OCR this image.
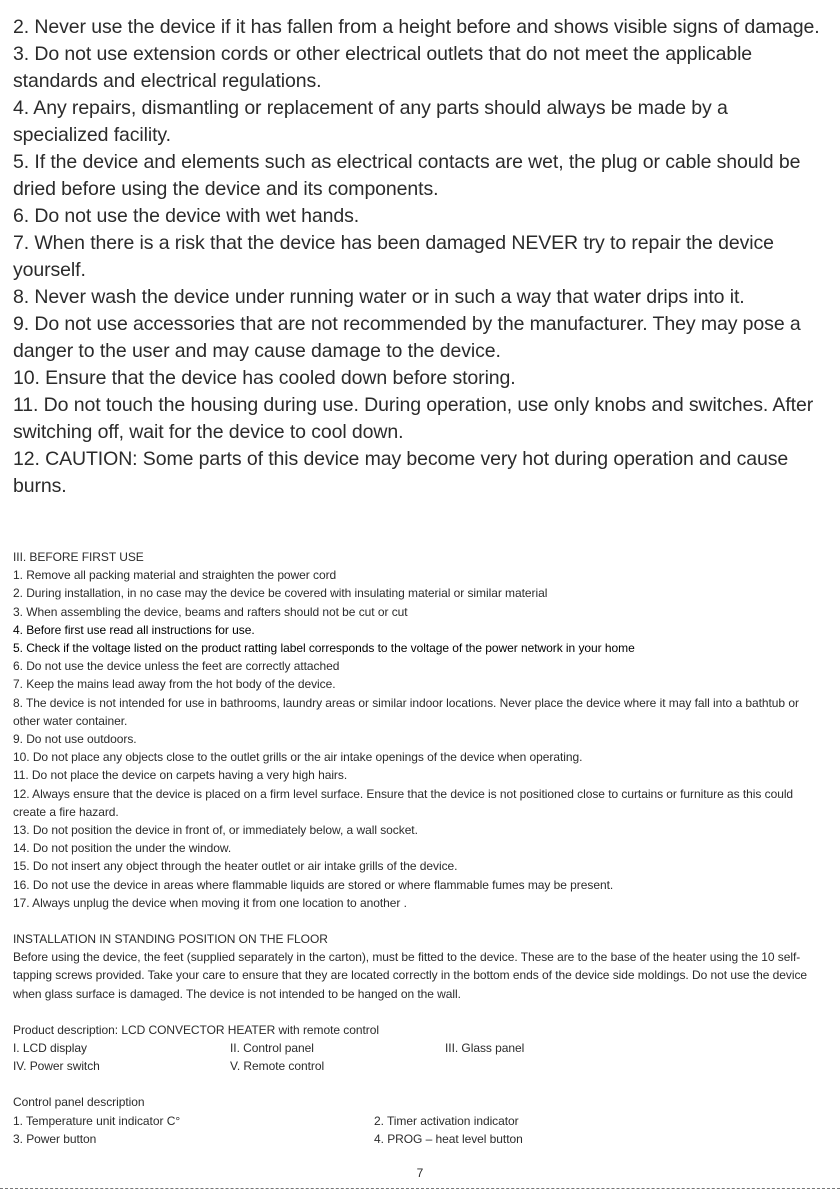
2. Never use the device if it has fallen from a height before and shows visible signs of damage.

3. Do not use extension cords or other electrical outlets that do not meet the applicable standards and electrical regulations.

4. Any repairs, dismantling or replacement of any parts should always be made by a specialized facility.

5. If the device and elements such as electrical contacts are wet, the plug or cable should be dried before using the device and its components.

6. Do not use the device with wet hands.

7. When there is a risk that the device has been damaged NEVER try to repair the device yourself.

8. Never wash the device under running water or in such a way that water drips into it.

9. Do not use accessories that are not recommended by the manufacturer. They may pose a danger to the user and may cause damage to the device.

10. Ensure that the device has cooled down before storing.

11. Do not touch the housing during use. During operation, use only knobs and switches. After switching off, wait for the device to cool down.

12. CAUTION: Some parts of this device may become very hot during operation and cause burns.

III. BEFORE FIRST USE

1. Remove all packing material and straighten the power cord

2. During installation, in no case may the device be covered with insulating material or similar material

3. When assembling the device, beams and rafters should not be cut or cut

4. Before first use read all instructions for use.

5. Check if the voltage listed on the product ratting label corresponds to the voltage of the power network in your home

6. Do not use the device unless the feet are correctly attached

7. Keep the mains lead away from the hot body of the device.

8. The device is not intended for use in bathrooms, laundry areas or similar indoor locations. Never place the device where it may fall into a bathtub or other water container.

9. Do not use outdoors.

10. Do not place any objects close to the outlet grills or the air intake openings of the device when operating.

11. Do not place the device on carpets having a very high hairs.

12. Always ensure that the device is placed on a firm level surface. Ensure that the device is not positioned close to curtains or furniture as this could create a fire hazard.

13. Do not position the device in front of, or immediately below, a wall socket.

14. Do not position the under the window.

15. Do not insert any object through the heater outlet or air intake grills of the device.

16. Do not use the device in areas where flammable liquids are stored or where flammable fumes may be present.

17. Always unplug the device when moving it from one location to another .

INSTALLATION IN STANDING POSITION ON THE FLOOR

Before using the device, the feet (supplied separately in the carton), must be fitted to the device. These are to the base of the heater using the 10 self-tapping screws provided. Take your care to ensure that they are located correctly in the bottom ends of the device side moldings. Do not use the device when glass surface is damaged. The device is not intended to be hanged on the wall.

Product description: LCD CONVECTOR HEATER with remote control

I. LCD display	II. Control panel	III. Glass panel
IV. Power switch	V. Remote control

Control panel description

1. Temperature unit indicator C°	2. Timer activation indicator
3. Power button	4. PROG – heat level button
7
